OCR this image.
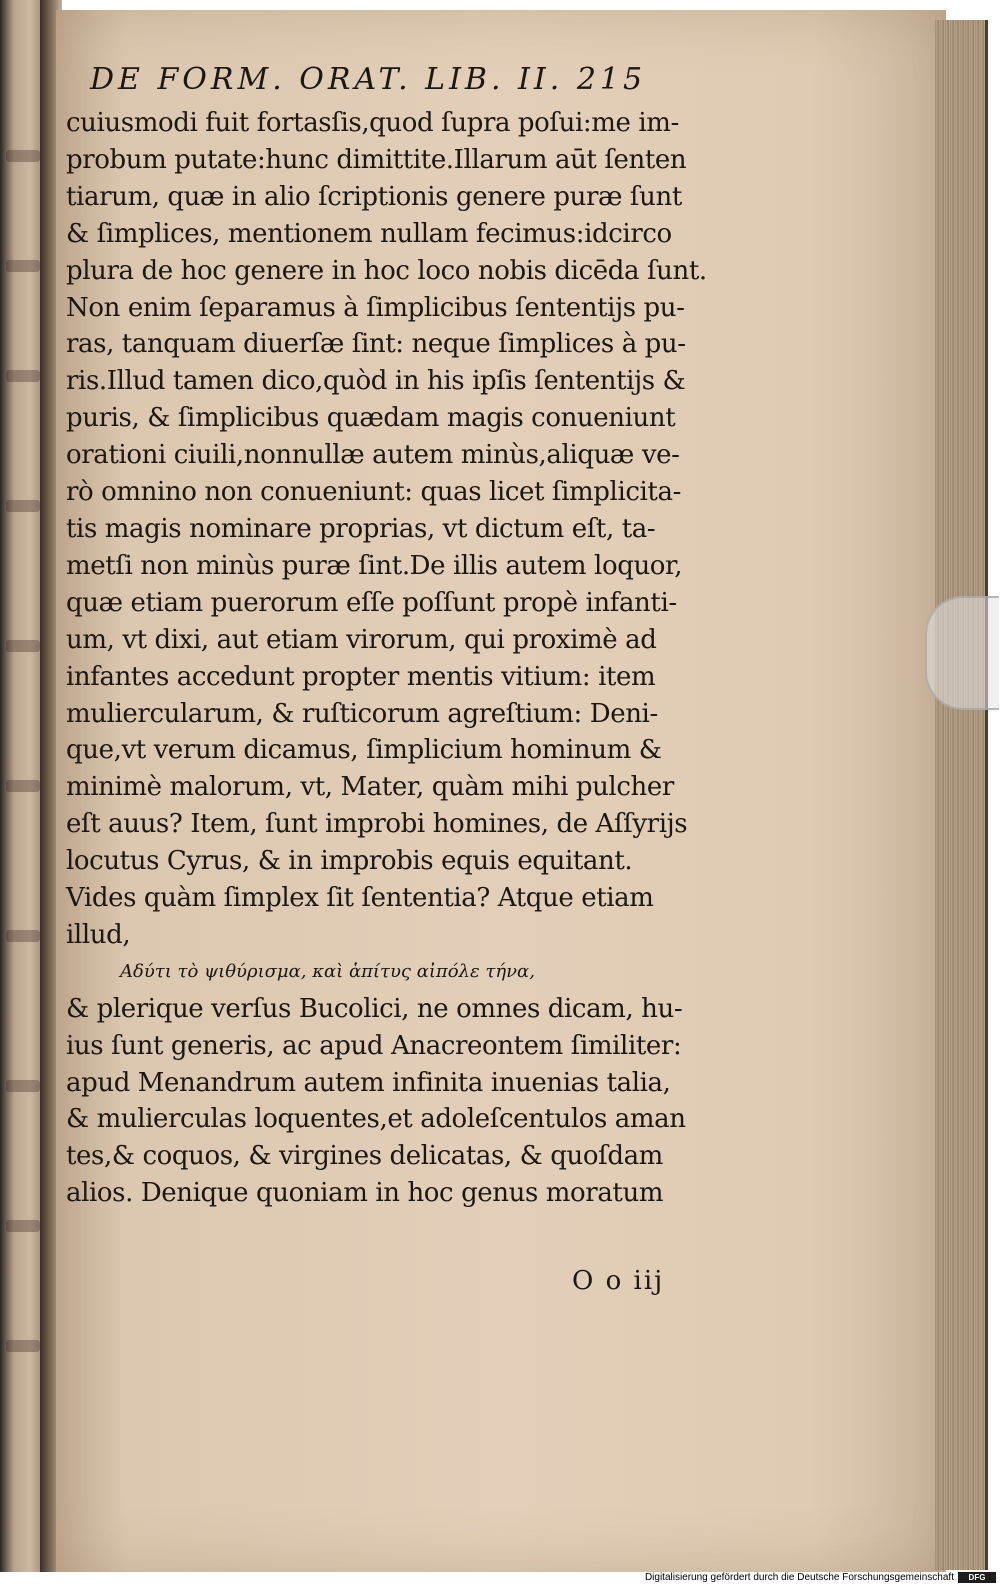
DE FORM. ORAT. LIB. II. 215
cuiusmodi fuit fortasſis,quod ſupra poſui:me im-
probum putate:hunc dimittite.Illarum aūt ſenten
tiarum, quæ in alio ſcriptionis genere puræ ſunt
& ſimplices, mentionem nullam fecimus:idcirco
plura de hoc genere in hoc loco nobis dicēda ſunt.
Non enim ſeparamus à ſimplicibus ſententijs pu-
ras, tanquam diuerſæ ſint: neque ſimplices à pu-
ris.Illud tamen dico,quòd in his ipſis ſententijs &
puris, & ſimplicibus quædam magis conueniunt
orationi ciuili,nonnullæ autem minùs,aliquæ ve-
rò omnino non conueniunt: quas licet ſimplicita-
tis magis nominare proprias, vt dictum eſt, ta-
metſi non minùs puræ ſint.De illis autem loquor,
quæ etiam puerorum eſſe poſſunt propè infanti-
um, vt dixi, aut etiam virorum, qui proximè ad
infantes accedunt propter mentis vitium: item
muliercularum, & ruſticorum agreſtium: Deni-
que,vt verum dicamus, ſimplicium hominum &
minimè malorum, vt, Mater, quàm mihi pulcher
eſt auus? Item, ſunt improbi homines, de Aſſyrijs
locutus Cyrus, & in improbis equis equitant.
Vides quàm ſimplex ſit ſententia? Atque etiam
illud,
Αδύτι τὸ ψιθύρισμα, καὶ ἁπίτυς αἰπόλε τήνα,
& plerique verſus Bucolici, ne omnes dicam, hu-
ius ſunt generis, ac apud Anacreontem ſimiliter:
apud Menandrum autem infinita inuenias talia,
& mulierculas loquentes,et adoleſcentulos aman
tes,& coquos, & virgines delicatas, & quoſdam
alios. Denique quoniam in hoc genus moratum
O o iij
Digitalisierung gefördert durch die Deutsche Forschungsgemeinschaft	DFG
